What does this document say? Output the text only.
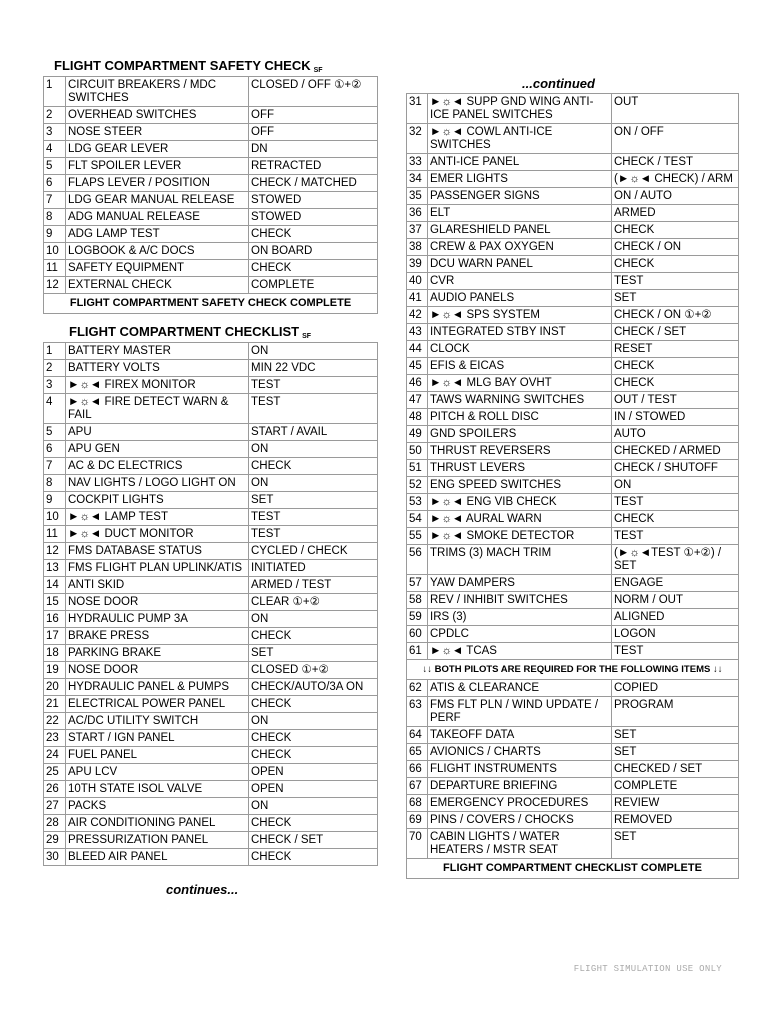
FLIGHT COMPARTMENT SAFETY CHECK $_{SF}$
1	CIRCUIT BREAKERS / MDC SWITCHES	CLOSED / OFF ①+②
2	OVERHEAD SWITCHES	OFF
3	NOSE STEER	OFF
4	LDG GEAR LEVER	DN
5	FLT SPOILER LEVER	RETRACTED
6	FLAPS LEVER / POSITION	CHECK / MATCHED
7	LDG GEAR MANUAL RELEASE	STOWED
8	ADG MANUAL RELEASE	STOWED
9	ADG LAMP TEST	CHECK
10	LOGBOOK & A/C DOCS	ON BOARD
11	SAFETY EQUIPMENT	CHECK
12	EXTERNAL CHECK	COMPLETE
FLIGHT COMPARTMENT SAFETY CHECK COMPLETE		
FLIGHT COMPARTMENT CHECKLIST $_{SF}$
1	BATTERY MASTER	ON
2	BATTERY VOLTS	MIN 22 VDC
3	►☼◄ FIREX MONITOR	TEST
4	►☼◄ FIRE DETECT WARN & FAIL	TEST
5	APU	START / AVAIL
6	APU GEN	ON
7	AC & DC ELECTRICS	CHECK
8	NAV LIGHTS / LOGO LIGHT ON	ON
9	COCKPIT LIGHTS	SET
10	►☼◄ LAMP TEST	TEST
11	►☼◄ DUCT MONITOR	TEST
12	FMS DATABASE STATUS	CYCLED / CHECK
13	FMS FLIGHT PLAN UPLINK/ATIS	INITIATED
14	ANTI SKID	ARMED / TEST
15	NOSE DOOR	CLEAR ①+②
16	HYDRAULIC PUMP 3A	ON
17	BRAKE PRESS	CHECK
18	PARKING BRAKE	SET
19	NOSE DOOR	CLOSED ①+②
20	HYDRAULIC PANEL & PUMPS	CHECK/AUTO/3A ON
21	ELECTRICAL POWER PANEL	CHECK
22	AC/DC UTILITY SWITCH	ON
23	START / IGN PANEL	CHECK
24	FUEL PANEL	CHECK
25	APU LCV	OPEN
26	10TH STATE ISOL VALVE	OPEN
27	PACKS	ON
28	AIR CONDITIONING PANEL	CHECK
29	PRESSURIZATION PANEL	CHECK / SET
30	BLEED AIR PANEL	CHECK
continues...
...continued
31	►☼◄ SUPP GND WING ANTI-ICE PANEL SWITCHES	OUT
32	►☼◄ COWL ANTI-ICE SWITCHES	ON / OFF
33	ANTI-ICE PANEL	CHECK / TEST
34	EMER LIGHTS	(►☼◄ CHECK) / ARM
35	PASSENGER SIGNS	ON / AUTO
36	ELT	ARMED
37	GLARESHIELD PANEL	CHECK
38	CREW & PAX OXYGEN	CHECK / ON
39	DCU WARN PANEL	CHECK
40	CVR	TEST
41	AUDIO PANELS	SET
42	►☼◄ SPS SYSTEM	CHECK / ON ①+②
43	INTEGRATED STBY INST	CHECK / SET
44	CLOCK	RESET
45	EFIS & EICAS	CHECK
46	►☼◄ MLG BAY OVHT	CHECK
47	TAWS WARNING SWITCHES	OUT / TEST
48	PITCH & ROLL DISC	IN / STOWED
49	GND SPOILERS	AUTO
50	THRUST REVERSERS	CHECKED / ARMED
51	THRUST LEVERS	CHECK / SHUTOFF
52	ENG SPEED SWITCHES	ON
53	►☼◄ ENG VIB CHECK	TEST
54	►☼◄ AURAL WARN	CHECK
55	►☼◄ SMOKE DETECTOR	TEST
56	TRIMS (3) MACH TRIM	(►☼◄TEST ①+②) / SET
57	YAW DAMPERS	ENGAGE
58	REV / INHIBIT SWITCHES	NORM / OUT
59	IRS (3)	ALIGNED
60	CPDLC	LOGON
61	►☼◄ TCAS	TEST
↓↓ BOTH PILOTS ARE REQUIRED FOR THE FOLLOWING ITEMS ↓↓		
62	ATIS & CLEARANCE	COPIED
63	FMS FLT PLN / WIND UPDATE / PERF	PROGRAM
64	TAKEOFF DATA	SET
65	AVIONICS / CHARTS	SET
66	FLIGHT INSTRUMENTS	CHECKED / SET
67	DEPARTURE BRIEFING	COMPLETE
68	EMERGENCY PROCEDURES	REVIEW
69	PINS / COVERS / CHOCKS	REMOVED
70	CABIN LIGHTS / WATER HEATERS / MSTR SEAT	SET
FLIGHT COMPARTMENT CHECKLIST COMPLETE		
FLIGHT SIMULATION USE ONLY
